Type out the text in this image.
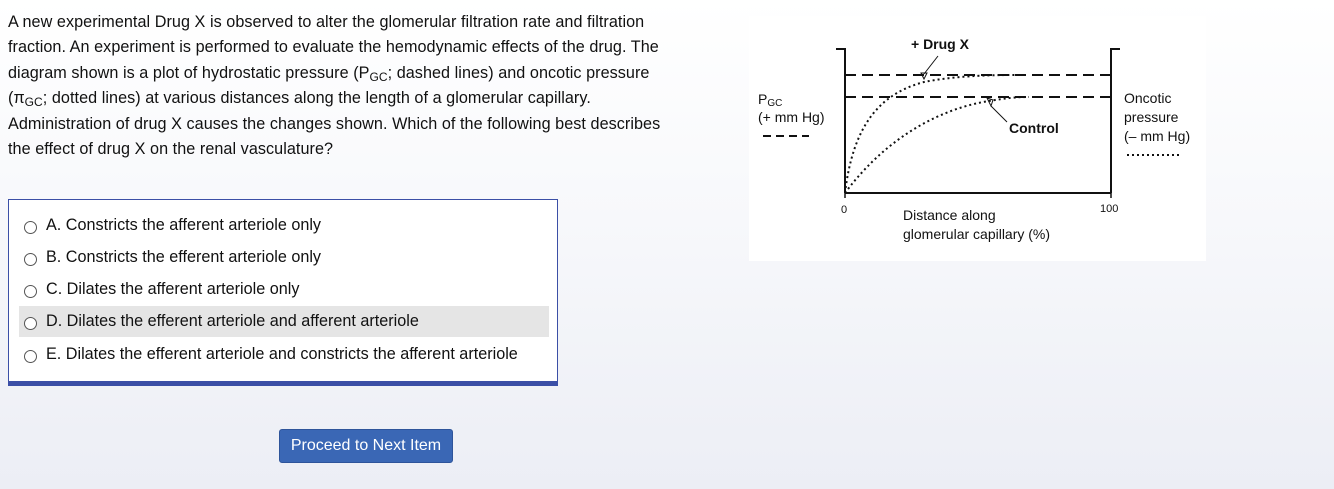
A new experimental Drug X is observed to alter the glomerular filtration rate and filtration
fraction. An experiment is performed to evaluate the hemodynamic effects of the drug. The
diagram shown is a plot of hydrostatic pressure ($P_{GC}$; dashed lines) and oncotic pressure
($\pi_{GC}$; dotted lines) at various distances along the length of a glomerular capillary.
Administration of drug X causes the changes shown. Which of the following best describes
the effect of drug X on the renal vasculature?
A. Constricts the afferent arteriole only
B. Constricts the efferent arteriole only
C. Dilates the afferent arteriole only
D. Dilates the efferent arteriole and afferent arteriole
E. Dilates the efferent arteriole and constricts the afferent arteriole
Proceed to Next Item
+ Drug X
Control
PGC
(+ mm Hg)
Oncotic
pressure
(– mm Hg)
0	100
Distance along
glomerular capillary (%)
